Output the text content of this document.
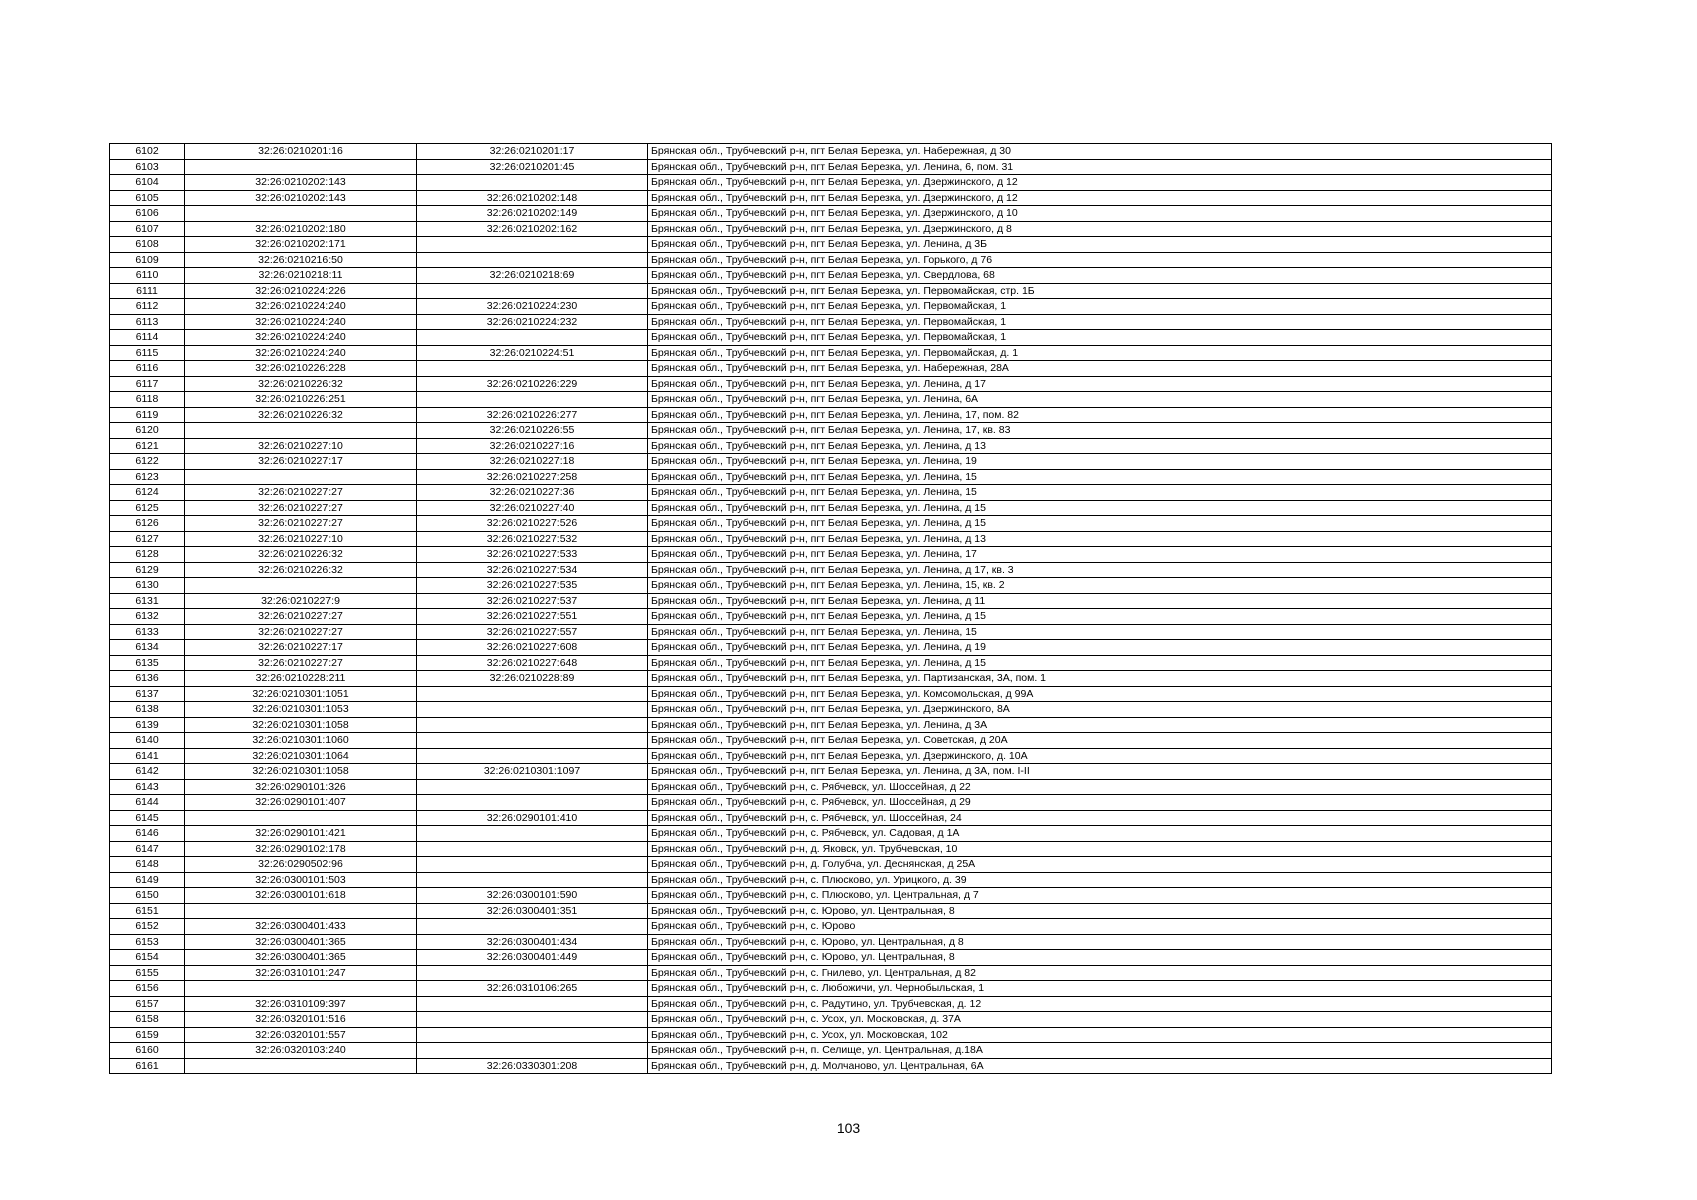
6102	32:26:0210201:16	32:26:0210201:17	Брянская обл., Трубчевский р-н, пгт Белая Березка, ул. Набережная, д 30
6103		32:26:0210201:45	Брянская обл., Трубчевский р-н, пгт Белая Березка, ул. Ленина, 6, пом. 31
6104	32:26:0210202:143		Брянская обл., Трубчевский р-н, пгт Белая Березка, ул. Дзержинского, д 12
6105	32:26:0210202:143	32:26:0210202:148	Брянская обл., Трубчевский р-н, пгт Белая Березка, ул. Дзержинского, д 12
6106		32:26:0210202:149	Брянская обл., Трубчевский р-н, пгт Белая Березка, ул. Дзержинского, д 10
6107	32:26:0210202:180	32:26:0210202:162	Брянская обл., Трубчевский р-н, пгт Белая Березка, ул. Дзержинского, д 8
6108	32:26:0210202:171		Брянская обл., Трубчевский р-н, пгт Белая Березка, ул. Ленина, д 3Б
6109	32:26:0210216:50		Брянская обл., Трубчевский р-н, пгт Белая Березка, ул. Горького, д 76
6110	32:26:0210218:11	32:26:0210218:69	Брянская обл., Трубчевский р-н, пгт Белая Березка, ул. Свердлова, 68
6111	32:26:0210224:226		Брянская обл., Трубчевский р-н, пгт Белая Березка, ул. Первомайская, стр. 1Б
6112	32:26:0210224:240	32:26:0210224:230	Брянская обл., Трубчевский р-н, пгт Белая Березка, ул. Первомайская, 1
6113	32:26:0210224:240	32:26:0210224:232	Брянская обл., Трубчевский р-н, пгт Белая Березка, ул. Первомайская, 1
6114	32:26:0210224:240		Брянская обл., Трубчевский р-н, пгт Белая Березка, ул. Первомайская, 1
6115	32:26:0210224:240	32:26:0210224:51	Брянская обл., Трубчевский р-н, пгт Белая Березка, ул. Первомайская, д. 1
6116	32:26:0210226:228		Брянская обл., Трубчевский р-н, пгт Белая Березка, ул. Набережная, 28А
6117	32:26:0210226:32	32:26:0210226:229	Брянская обл., Трубчевский р-н, пгт Белая Березка, ул. Ленина, д 17
6118	32:26:0210226:251		Брянская обл., Трубчевский р-н, пгт Белая Березка, ул. Ленина, 6А
6119	32:26:0210226:32	32:26:0210226:277	Брянская обл., Трубчевский р-н, пгт Белая Березка, ул. Ленина, 17, пом. 82
6120		32:26:0210226:55	Брянская обл., Трубчевский р-н, пгт Белая Березка, ул. Ленина, 17, кв. 83
6121	32:26:0210227:10	32:26:0210227:16	Брянская обл., Трубчевский р-н, пгт Белая Березка, ул. Ленина, д 13
6122	32:26:0210227:17	32:26:0210227:18	Брянская обл., Трубчевский р-н, пгт Белая Березка, ул. Ленина, 19
6123		32:26:0210227:258	Брянская обл., Трубчевский р-н, пгт Белая Березка, ул. Ленина, 15
6124	32:26:0210227:27	32:26:0210227:36	Брянская обл., Трубчевский р-н, пгт Белая Березка, ул. Ленина, 15
6125	32:26:0210227:27	32:26:0210227:40	Брянская обл., Трубчевский р-н, пгт Белая Березка, ул. Ленина, д 15
6126	32:26:0210227:27	32:26:0210227:526	Брянская обл., Трубчевский р-н, пгт Белая Березка, ул. Ленина, д 15
6127	32:26:0210227:10	32:26:0210227:532	Брянская обл., Трубчевский р-н, пгт Белая Березка, ул. Ленина, д 13
6128	32:26:0210226:32	32:26:0210227:533	Брянская обл., Трубчевский р-н, пгт Белая Березка, ул. Ленина, 17
6129	32:26:0210226:32	32:26:0210227:534	Брянская обл., Трубчевский р-н, пгт Белая Березка, ул. Ленина, д 17, кв. 3
6130		32:26:0210227:535	Брянская обл., Трубчевский р-н, пгт Белая Березка, ул. Ленина, 15, кв. 2
6131	32:26:0210227:9	32:26:0210227:537	Брянская обл., Трубчевский р-н, пгт Белая Березка, ул. Ленина, д 11
6132	32:26:0210227:27	32:26:0210227:551	Брянская обл., Трубчевский р-н, пгт Белая Березка, ул. Ленина, д 15
6133	32:26:0210227:27	32:26:0210227:557	Брянская обл., Трубчевский р-н, пгт Белая Березка, ул. Ленина, 15
6134	32:26:0210227:17	32:26:0210227:608	Брянская обл., Трубчевский р-н, пгт Белая Березка, ул. Ленина, д 19
6135	32:26:0210227:27	32:26:0210227:648	Брянская обл., Трубчевский р-н, пгт Белая Березка, ул. Ленина, д 15
6136	32:26:0210228:211	32:26:0210228:89	Брянская обл., Трубчевский р-н, пгт Белая Березка, ул. Партизанская, 3А, пом. 1
6137	32:26:0210301:1051		Брянская обл., Трубчевский р-н, пгт Белая Березка, ул. Комсомольская, д 99А
6138	32:26:0210301:1053		Брянская обл., Трубчевский р-н, пгт Белая Березка, ул. Дзержинского, 8А
6139	32:26:0210301:1058		Брянская обл., Трубчевский р-н, пгт Белая Березка, ул. Ленина, д 3А
6140	32:26:0210301:1060		Брянская обл., Трубчевский р-н, пгт Белая Березка, ул. Советская, д 20А
6141	32:26:0210301:1064		Брянская обл., Трубчевский р-н, пгт Белая Березка, ул. Дзержинского, д. 10А
6142	32:26:0210301:1058	32:26:0210301:1097	Брянская обл., Трубчевский р-н, пгт Белая Березка, ул. Ленина, д 3А, пом. I-II
6143	32:26:0290101:326		Брянская обл., Трубчевский р-н, с. Рябчевск, ул. Шоссейная, д 22
6144	32:26:0290101:407		Брянская обл., Трубчевский р-н, с. Рябчевск, ул. Шоссейная, д 29
6145		32:26:0290101:410	Брянская обл., Трубчевский р-н, с. Рябчевск, ул. Шоссейная, 24
6146	32:26:0290101:421		Брянская обл., Трубчевский р-н, с. Рябчевск, ул. Садовая, д 1А
6147	32:26:0290102:178		Брянская обл., Трубчевский р-н, д. Яковск, ул. Трубчевская, 10
6148	32:26:0290502:96		Брянская обл., Трубчевский р-н, д. Голубча, ул. Деснянская, д 25А
6149	32:26:0300101:503		Брянская обл., Трубчевский р-н, с. Плюсково, ул. Урицкого, д. 39
6150	32:26:0300101:618	32:26:0300101:590	Брянская обл., Трубчевский р-н, с. Плюсково, ул. Центральная, д 7
6151		32:26:0300401:351	Брянская обл., Трубчевский р-н, с. Юрово, ул. Центральная, 8
6152	32:26:0300401:433		Брянская обл., Трубчевский р-н, с. Юрово
6153	32:26:0300401:365	32:26:0300401:434	Брянская обл., Трубчевский р-н, с. Юрово, ул. Центральная, д 8
6154	32:26:0300401:365	32:26:0300401:449	Брянская обл., Трубчевский р-н, с. Юрово, ул. Центральная, 8
6155	32:26:0310101:247		Брянская обл., Трубчевский р-н, с. Гнилево, ул. Центральная, д 82
6156		32:26:0310106:265	Брянская обл., Трубчевский р-н, с. Любожичи, ул. Чернобыльская, 1
6157	32:26:0310109:397		Брянская обл., Трубчевский р-н, с. Радутино, ул. Трубчевская, д. 12
6158	32:26:0320101:516		Брянская обл., Трубчевский р-н, с. Усох, ул. Московская, д. 37А
6159	32:26:0320101:557		Брянская обл., Трубчевский р-н, с. Усох, ул. Московская, 102
6160	32:26:0320103:240		Брянская обл., Трубчевский р-н, п. Селище, ул. Центральная, д.18А
6161		32:26:0330301:208	Брянская обл., Трубчевский р-н, д. Молчаново, ул. Центральная, 6А
103
